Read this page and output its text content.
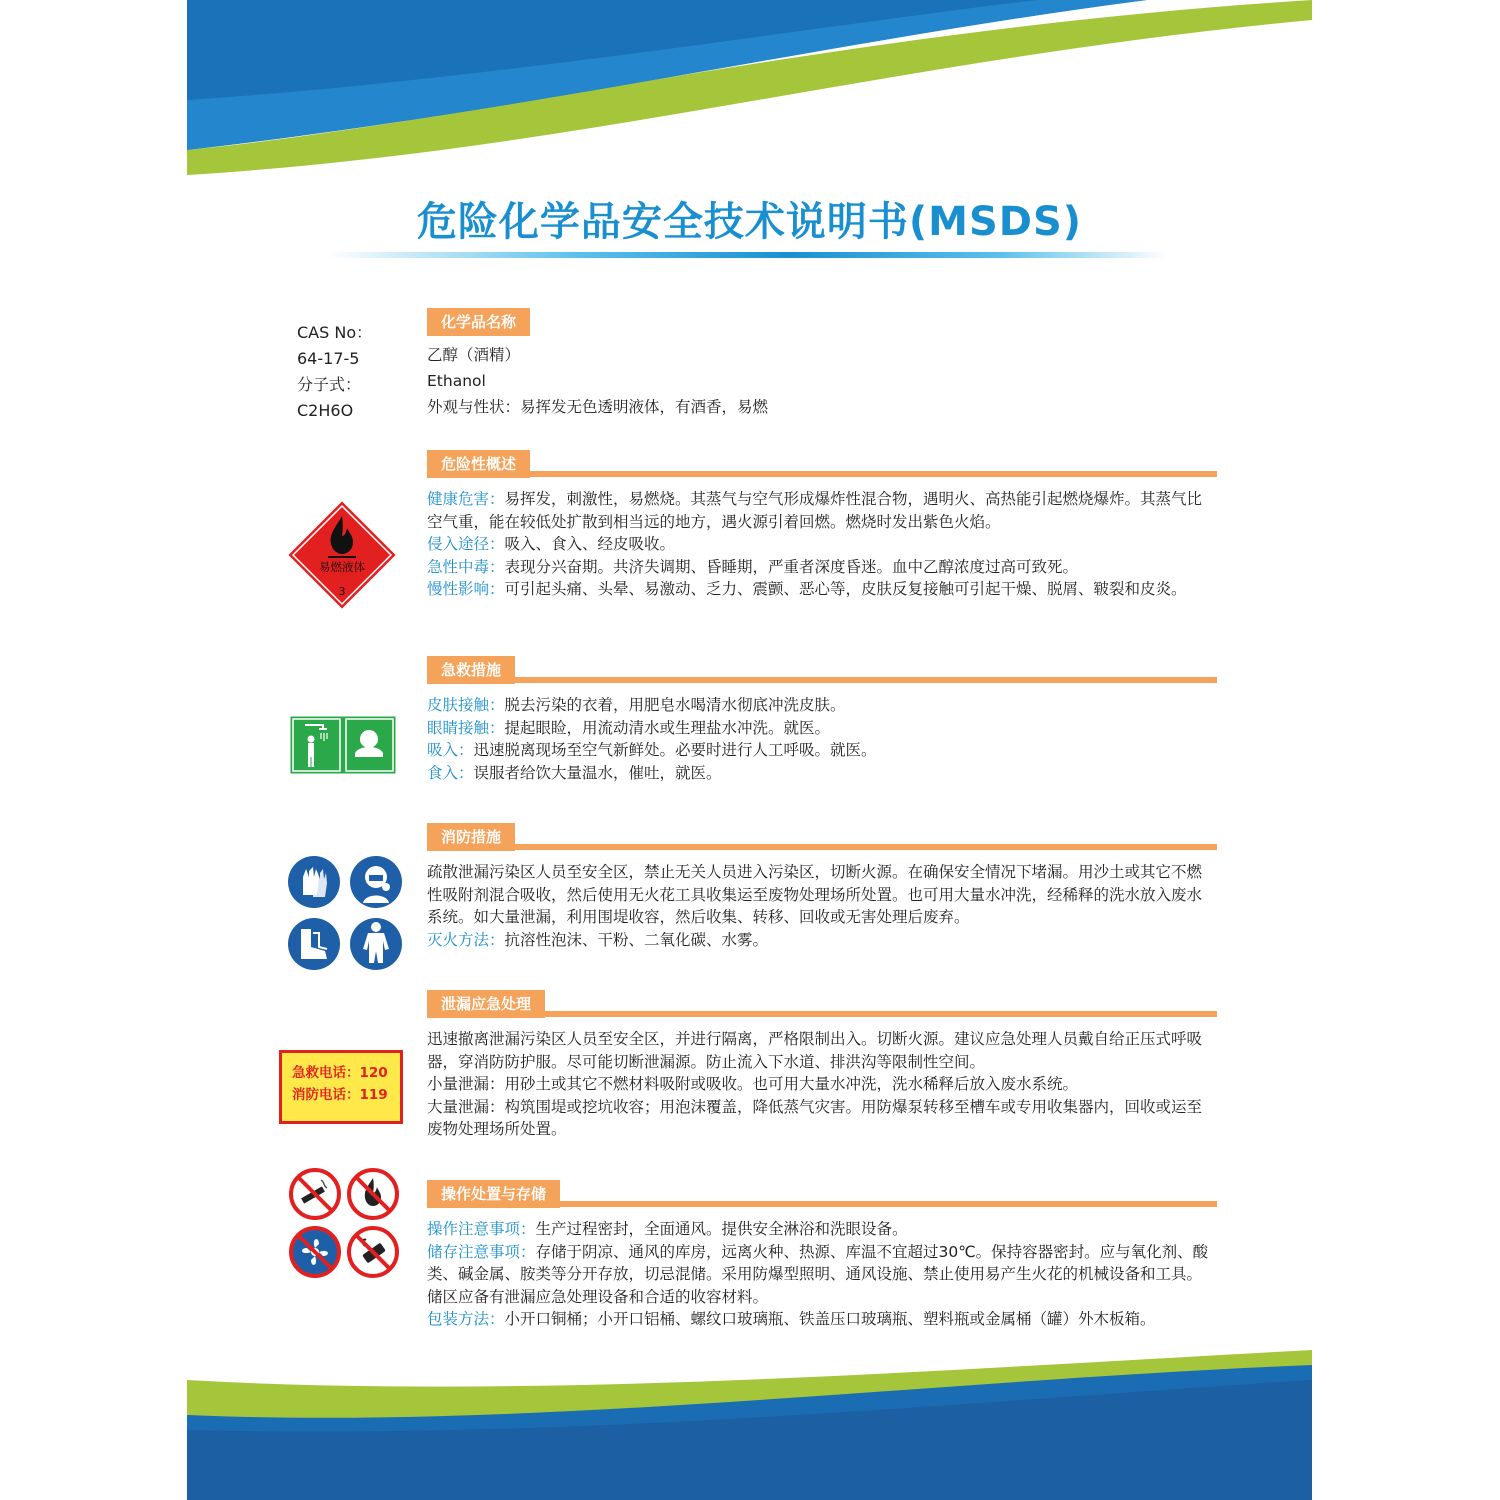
危险化学品安全技术说明书(MSDS)
CAS No：
64-17-5
分子式：
C2H6O
化学品名称
乙醇（酒精）
Ethanol
外观与性状：易挥发无色透明液体，有酒香，易燃
危险性概述
健康危害：易挥发，刺激性，易燃烧。其蒸气与空气形成爆炸性混合物，遇明火、高热能引起燃烧爆炸。其蒸气比空气重，能在较低处扩散到相当远的地方，遇火源引着回燃。燃烧时发出紫色火焰。
侵入途径：吸入、食入、经皮吸收。
急性中毒：表现分兴奋期。共济失调期、昏睡期，严重者深度昏迷。血中乙醇浓度过高可致死。
慢性影响：可引起头痛、头晕、易激动、乏力、震颤、恶心等，皮肤反复接触可引起干燥、脱屑、皲裂和皮炎。
急救措施
皮肤接触：脱去污染的衣着，用肥皂水喝清水彻底冲洗皮肤。
眼睛接触：提起眼睑，用流动清水或生理盐水冲洗。就医。
吸入：迅速脱离现场至空气新鲜处。必要时进行人工呼吸。就医。
食入：误服者给饮大量温水，催吐，就医。
消防措施
疏散泄漏污染区人员至安全区，禁止无关人员进入污染区，切断火源。在确保安全情况下堵漏。用沙土或其它不燃性吸附剂混合吸收，然后使用无火花工具收集运至废物处理场所处置。也可用大量水冲洗，经稀释的洗水放入废水系统。如大量泄漏，利用围堤收容，然后收集、转移、回收或无害处理后废弃。
灭火方法：抗溶性泡沫、干粉、二氧化碳、水雾。
泄漏应急处理
迅速撤离泄漏污染区人员至安全区，并进行隔离，严格限制出入。切断火源。建议应急处理人员戴自给正压式呼吸器，穿消防防护服。尽可能切断泄漏源。防止流入下水道、排洪沟等限制性空间。
小量泄漏：用砂土或其它不燃材料吸附或吸收。也可用大量水冲洗，洗水稀释后放入废水系统。
大量泄漏：构筑围堤或挖坑收容；用泡沫覆盖，降低蒸气灾害。用防爆泵转移至槽车或专用收集器内，回收或运至废物处理场所处置。
操作处置与存储
操作注意事项：生产过程密封，全面通风。提供安全淋浴和洗眼设备。
储存注意事项：存储于阴凉、通风的库房，远离火种、热源、库温不宜超过30℃。保持容器密封。应与氧化剂、酸类、碱金属、胺类等分开存放，切忌混储。采用防爆型照明、通风设施、禁止使用易产生火花的机械设备和工具。储区应备有泄漏应急处理设备和合适的收容材料。
包装方法：小开口铜桶；小开口铝桶、螺纹口玻璃瓶、铁盖压口玻璃瓶、塑料瓶或金属桶（罐）外木板箱。
易燃液体
3
急救电话：120
消防电话：119
